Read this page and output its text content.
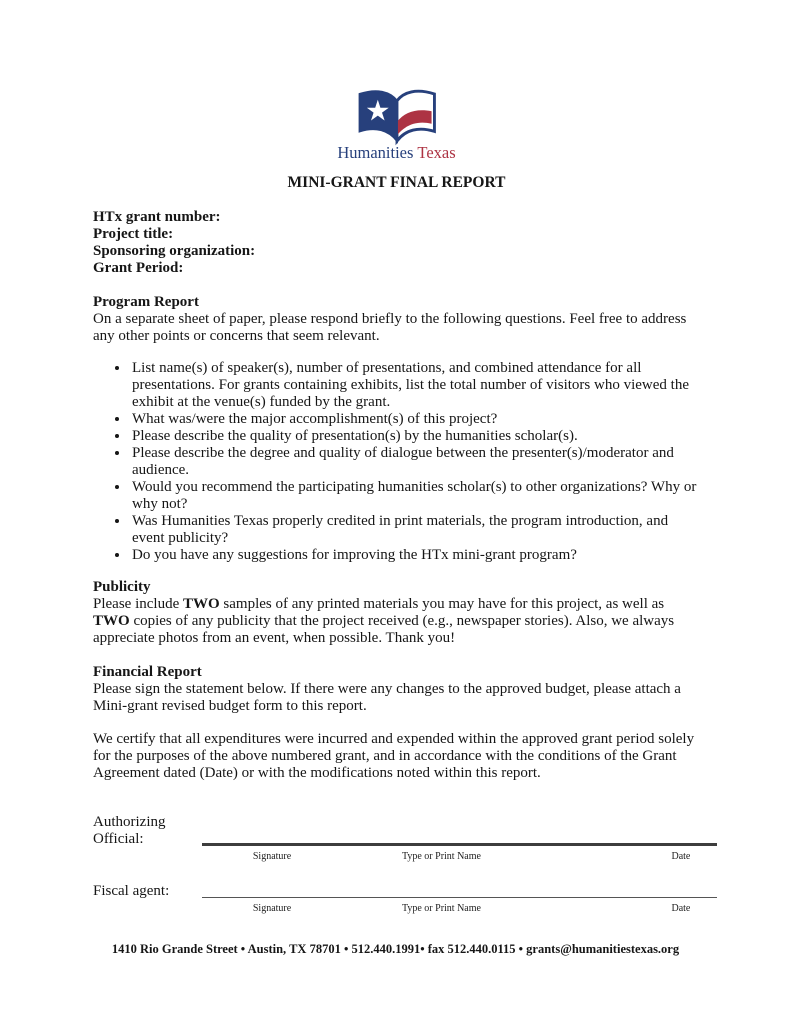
Humanities Texas
MINI-GRANT FINAL REPORT
HTx grant number:
Project title:
Sponsoring organization:
Grant Period:
Program Report

On a separate sheet of paper, please respond briefly to the following questions. Feel free to address any other points or concerns that seem relevant.

• List name(s) of speaker(s), number of presentations, and combined attendance for all presentations. For grants containing exhibits, list the total number of visitors who viewed the exhibit at the venue(s) funded by the grant.
• What was/were the major accomplishment(s) of this project?
• Please describe the quality of presentation(s) by the humanities scholar(s).
• Please describe the degree and quality of dialogue between the presenter(s)/moderator and audience.
• Would you recommend the participating humanities scholar(s) to other organizations? Why or why not?
• Was Humanities Texas properly credited in print materials, the program introduction, and event publicity?
• Do you have any suggestions for improving the HTx mini-grant program?
Publicity

Please include TWO samples of any printed materials you may have for this project, as well as TWO copies of any publicity that the project received (e.g., newspaper stories). Also, we always appreciate photos from an event, when possible. Thank you!

Financial Report

Please sign the statement below. If there were any changes to the approved budget, please attach a Mini-grant revised budget form to this report.

We certify that all expenditures were incurred and expended within the approved grant period solely for the purposes of the above numbered grant, and in accordance with the conditions of the Grant Agreement dated (Date) or with the modifications noted within this report.

Authorizing Official:
Signature	Type or Print Name	Date
Fiscal agent:
Signature	Type or Print Name	Date
1410 Rio Grande Street • Austin, TX 78701 • 512.440.1991• fax 512.440.0115 • grants@humanitiestexas.org
